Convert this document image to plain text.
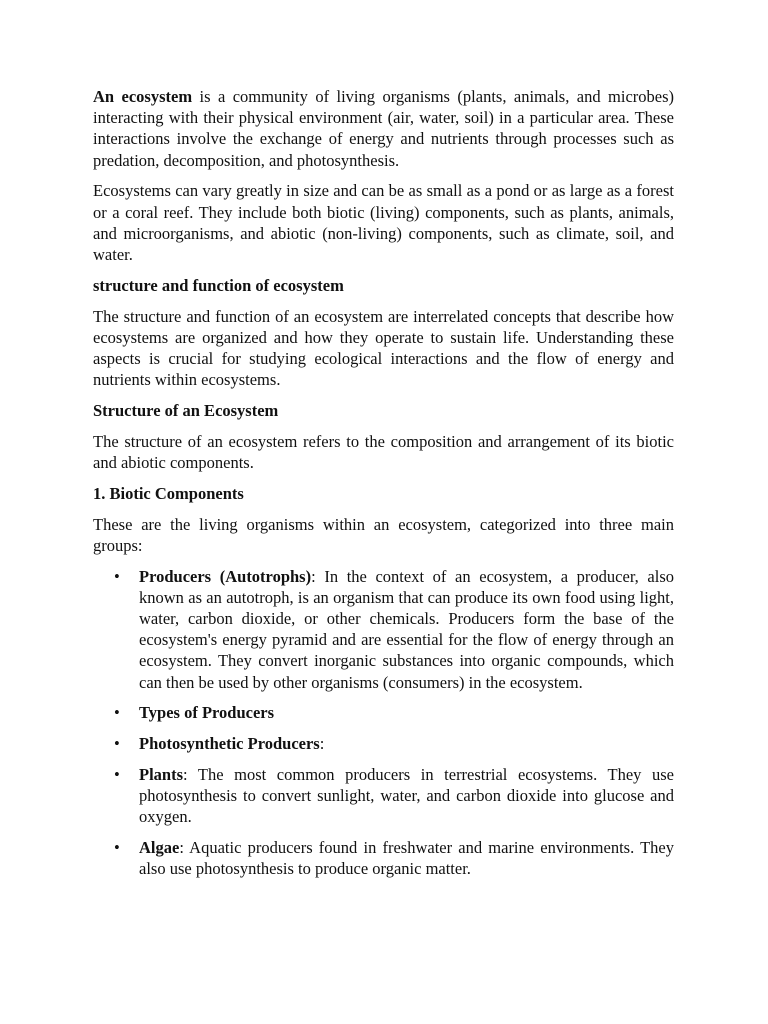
An ecosystem is a community of living organisms (plants, animals, and microbes) interacting with their physical environment (air, water, soil) in a particular area. These interactions involve the exchange of energy and nutrients through processes such as predation, decomposition, and photosynthesis.

Ecosystems can vary greatly in size and can be as small as a pond or as large as a forest or a coral reef. They include both biotic (living) components, such as plants, animals, and microorganisms, and abiotic (non-living) components, such as climate, soil, and water.

structure and function of ecosystem

The structure and function of an ecosystem are interrelated concepts that describe how ecosystems are organized and how they operate to sustain life. Understanding these aspects is crucial for studying ecological interactions and the flow of energy and nutrients within ecosystems.

Structure of an Ecosystem

The structure of an ecosystem refers to the composition and arrangement of its biotic and abiotic components.

1. Biotic Components

These are the living organisms within an ecosystem, categorized into three main groups:

• Producers (Autotrophs): In the context of an ecosystem, a producer, also known as an autotroph, is an organism that can produce its own food using light, water, carbon dioxide, or other chemicals. Producers form the base of the ecosystem's energy pyramid and are essential for the flow of energy through an ecosystem. They convert inorganic substances into organic compounds, which can then be used by other organisms (consumers) in the ecosystem.
• Types of Producers
• Photosynthetic Producers:
• Plants: The most common producers in terrestrial ecosystems. They use photosynthesis to convert sunlight, water, and carbon dioxide into glucose and oxygen.
• Algae: Aquatic producers found in freshwater and marine environments. They also use photosynthesis to produce organic matter.
